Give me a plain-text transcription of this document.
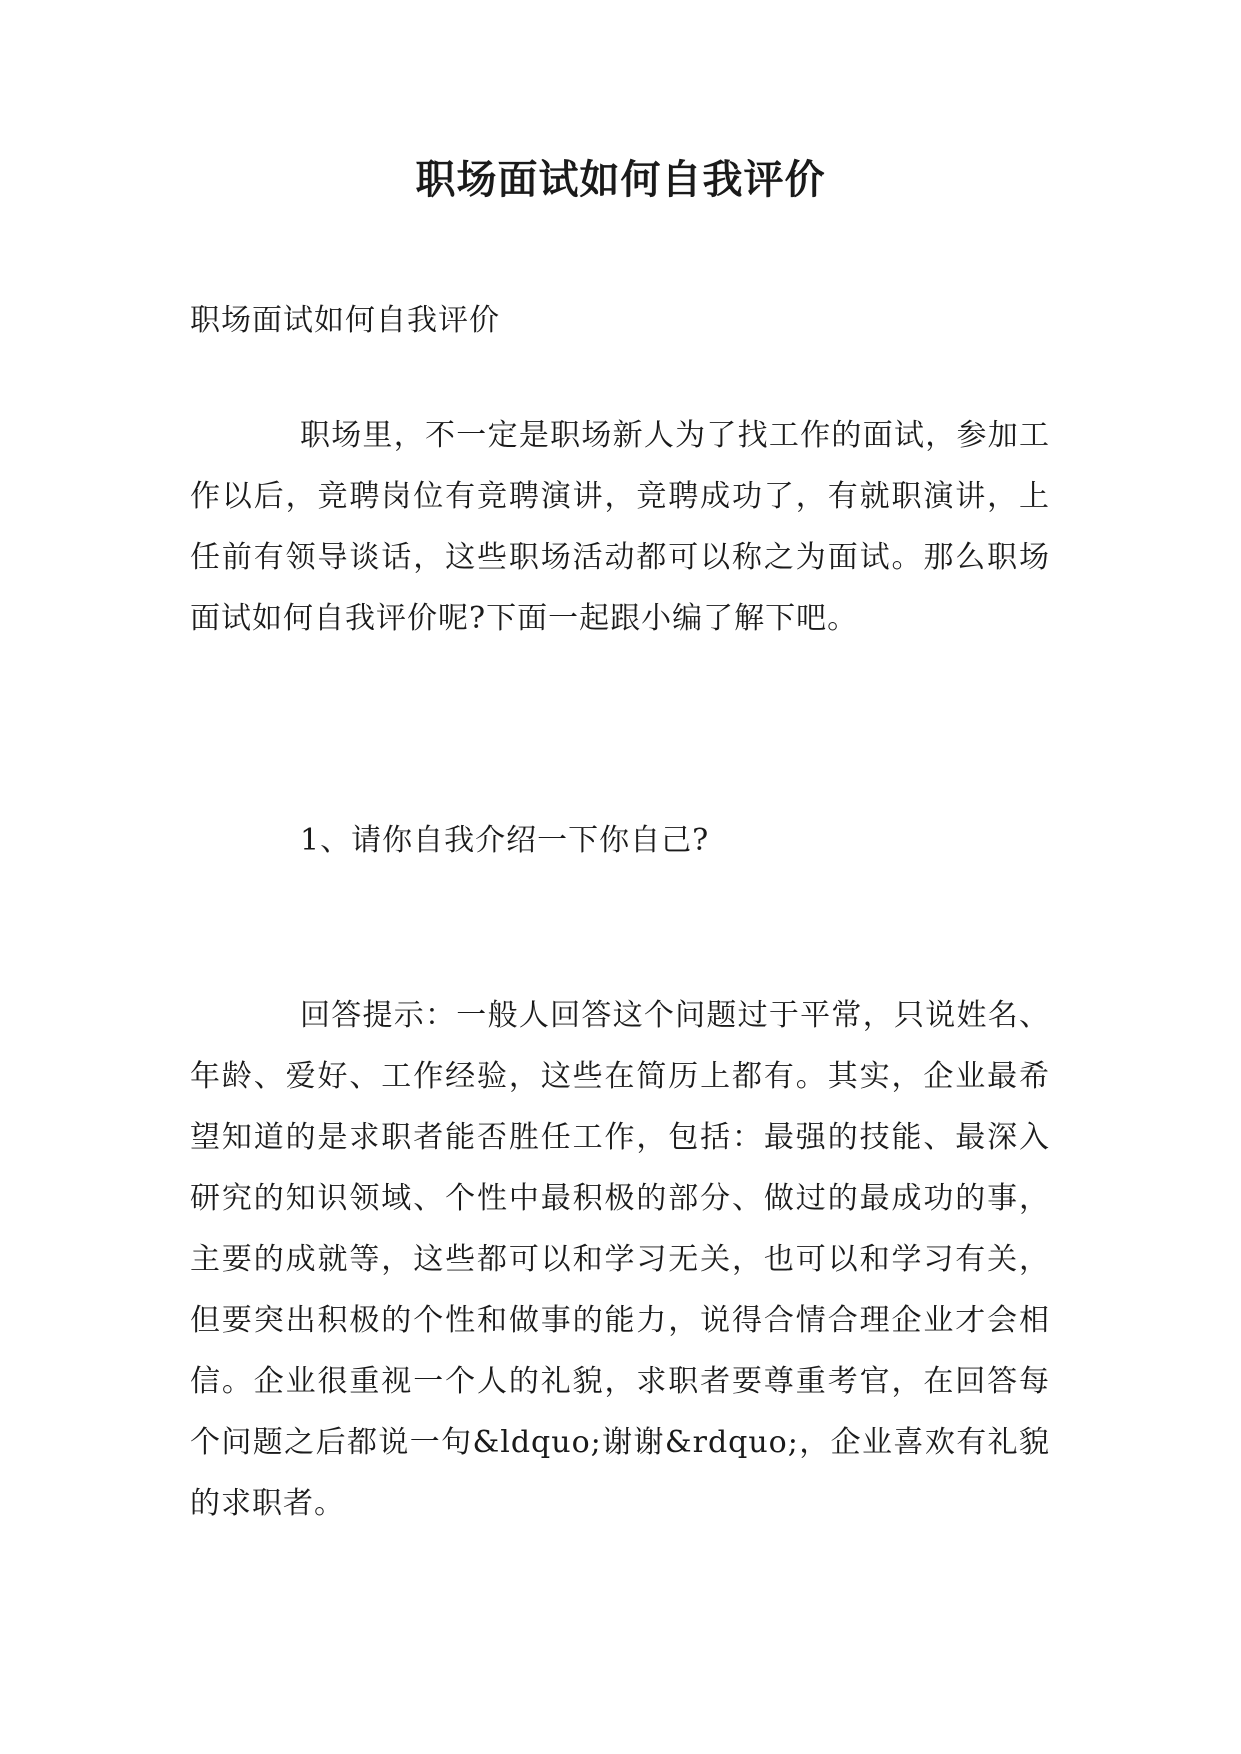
职场面试如何自我评价

职场面试如何自我评价

职场里，不一定是职场新人为了找工作的面试，参加工作以后，竞聘岗位有竞聘演讲，竞聘成功了，有就职演讲，上任前有领导谈话，这些职场活动都可以称之为面试。那么职场面试如何自我评价呢?下面一起跟小编了解下吧。

1、请你自我介绍一下你自己?

回答提示：一般人回答这个问题过于平常，只说姓名、年龄、爱好、工作经验，这些在简历上都有。其实，企业最希望知道的是求职者能否胜任工作，包括：最强的技能、最深入研究的知识领域、个性中最积极的部分、做过的最成功的事，主要的成就等，这些都可以和学习无关，也可以和学习有关，但要突出积极的个性和做事的能力，说得合情合理企业才会相信。企业很重视一个人的礼貌，求职者要尊重考官，在回答每个问题之后都说一句&ldquo;谢谢&rdquo;，企业喜欢有礼貌的求职者。
